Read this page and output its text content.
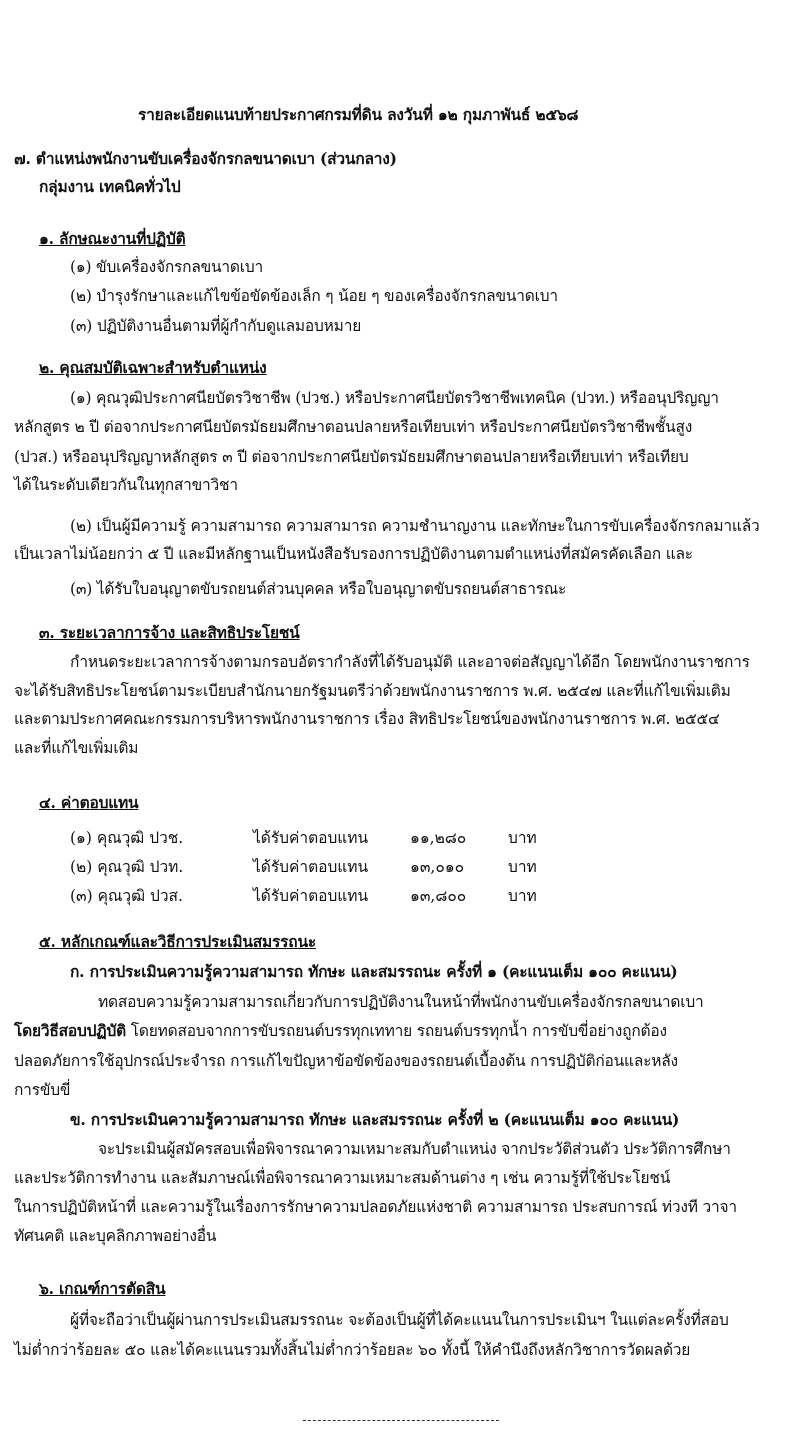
รายละเอียดแนบท้ายประกาศกรมที่ดิน ลงวันที่ ๑๒ กุมภาพันธ์ ๒๕๖๘
๗. ตำแหน่งพนักงานขับเครื่องจักรกลขนาดเบา (ส่วนกลาง)
กลุ่มงาน เทคนิคทั่วไป
๑. ลักษณะงานที่ปฏิบัติ
(๑) ขับเครื่องจักรกลขนาดเบา
(๒) บำรุงรักษาและแก้ไขข้อขัดข้องเล็ก ๆ น้อย ๆ ของเครื่องจักรกลขนาดเบา
(๓) ปฏิบัติงานอื่นตามที่ผู้กำกับดูแลมอบหมาย
๒. คุณสมบัติเฉพาะสำหรับตำแหน่ง
(๑) คุณวุฒิประกาศนียบัตรวิชาชีพ (ปวช.) หรือประกาศนียบัตรวิชาชีพเทคนิค (ปวท.) หรืออนุปริญญา
หลักสูตร ๒ ปี ต่อจากประกาศนียบัตรมัธยมศึกษาตอนปลายหรือเทียบเท่า หรือประกาศนียบัตรวิชาชีพชั้นสูง
(ปวส.) หรืออนุปริญญาหลักสูตร ๓ ปี ต่อจากประกาศนียบัตรมัธยมศึกษาตอนปลายหรือเทียบเท่า หรือเทียบ
ได้ในระดับเดียวกันในทุกสาขาวิชา
(๒) เป็นผู้มีความรู้ ความสามารถ ความสามารถ ความชำนาญงาน และทักษะในการขับเครื่องจักรกลมาแล้ว
เป็นเวลาไม่น้อยกว่า ๕ ปี และมีหลักฐานเป็นหนังสือรับรองการปฏิบัติงานตามตำแหน่งที่สมัครคัดเลือก และ
(๓) ได้รับใบอนุญาตขับรถยนต์ส่วนบุคคล หรือใบอนุญาตขับรถยนต์สาธารณะ
๓. ระยะเวลาการจ้าง และสิทธิประโยชน์
กำหนดระยะเวลาการจ้างตามกรอบอัตรากำลังที่ได้รับอนุมัติ และอาจต่อสัญญาได้อีก โดยพนักงานราชการ
จะได้รับสิทธิประโยชน์ตามระเบียบสำนักนายกรัฐมนตรีว่าด้วยพนักงานราชการ พ.ศ. ๒๕๔๗ และที่แก้ไขเพิ่มเติม
และตามประกาศคณะกรรมการบริหารพนักงานราชการ เรื่อง สิทธิประโยชน์ของพนักงานราชการ พ.ศ. ๒๕๕๔
และที่แก้ไขเพิ่มเติม
๔. ค่าตอบแทน
(๑) คุณวุฒิ ปวช.	ได้รับค่าตอบแทน	๑๑,๒๘๐	บาท
(๒) คุณวุฒิ ปวท.	ได้รับค่าตอบแทน	๑๓,๐๑๐	บาท
(๓) คุณวุฒิ ปวส.	ได้รับค่าตอบแทน	๑๓,๘๐๐	บาท
๕. หลักเกณฑ์และวิธีการประเมินสมรรถนะ
ก. การประเมินความรู้ความสามารถ ทักษะ และสมรรถนะ ครั้งที่ ๑ (คะแนนเต็ม ๑๐๐ คะแนน)
ทดสอบความรู้ความสามารถเกี่ยวกับการปฏิบัติงานในหน้าที่พนักงานขับเครื่องจักรกลขนาดเบา
โดยวิธีสอบปฏิบัติ โดยทดสอบจากการขับรถยนต์บรรทุกเททาย รถยนต์บรรทุกน้ำ การขับขี่อย่างถูกต้อง
ปลอดภัยการใช้อุปกรณ์ประจำรถ การแก้ไขปัญหาข้อขัดข้องของรถยนต์เบื้องต้น การปฏิบัติก่อนและหลัง
การขับขี่
ข. การประเมินความรู้ความสามารถ ทักษะ และสมรรถนะ ครั้งที่ ๒ (คะแนนเต็ม ๑๐๐ คะแนน)
จะประเมินผู้สมัครสอบเพื่อพิจารณาความเหมาะสมกับตำแหน่ง จากประวัติส่วนตัว ประวัติการศึกษา
และประวัติการทำงาน และสัมภาษณ์เพื่อพิจารณาความเหมาะสมด้านต่าง ๆ เช่น ความรู้ที่ใช้ประโยชน์
ในการปฏิบัติหน้าที่ และความรู้ในเรื่องการรักษาความปลอดภัยแห่งชาติ ความสามารถ ประสบการณ์ ท่วงที วาจา
ทัศนคติ และบุคลิกภาพอย่างอื่น
๖. เกณฑ์การตัดสิน
ผู้ที่จะถือว่าเป็นผู้ผ่านการประเมินสมรรถนะ จะต้องเป็นผู้ที่ได้คะแนนในการประเมินฯ ในแต่ละครั้งที่สอบ
ไม่ต่ำกว่าร้อยละ ๕๐ และได้คะแนนรวมทั้งสิ้นไม่ต่ำกว่าร้อยละ ๖๐ ทั้งนี้ ให้คำนึงถึงหลักวิชาการวัดผลด้วย
